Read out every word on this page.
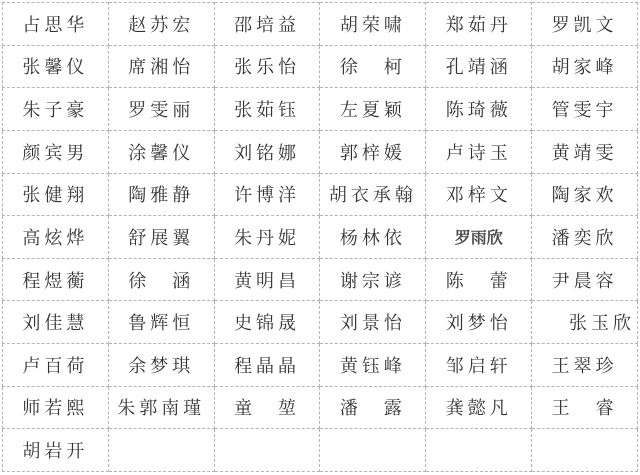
占思华	赵苏宏	邵培益	胡荣啸	郑茹丹	罗凯文
张馨仪	席湘怡	张乐怡	徐　柯	孔靖涵	胡家峰
朱子豪	罗雯丽	张茹钰	左夏颖	陈琦薇	管雯宇
颜宾男	涂馨仪	刘铭娜	郭梓媛	卢诗玉	黄靖雯
张健翔	陶雅静	许博洋	胡衣承翰	邓梓文	陶家欢
高炫烨	舒展翼	朱丹妮	杨林依	罗雨欣	潘奕欣
程煜蘅	徐　涵	黄明昌	谢宗谚	陈　蕾	尹晨容
刘佳慧	鲁辉恒	史锦晟	刘景怡	刘梦怡	张玉欣
卢百荷	余梦琪	程晶晶	黄钰峰	邹启轩	王翠珍
师若熙	朱郭南瑾	童　堃	潘　露	龚懿凡	王　睿
胡岩开					
